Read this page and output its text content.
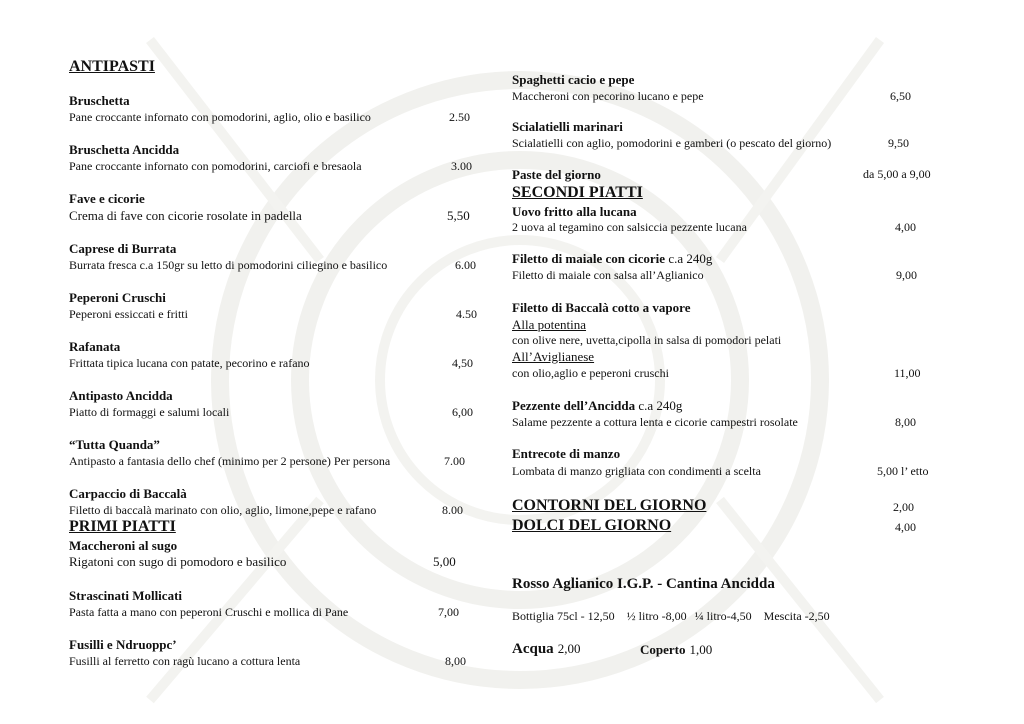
ANTIPASTI
Bruschetta
Pane croccante infornato con pomodorini, aglio, olio e basilico	2.50
Bruschetta Ancidda
Pane croccante infornato con pomodorini, carciofi e bresaola	3.00
Fave e cicorie
Crema di fave con cicorie rosolate in padella	5,50
Caprese di Burrata
Burrata fresca c.a 150gr su letto di pomodorini ciliegino e basilico	6.00
Peperoni Cruschi
Peperoni essiccati e fritti	4.50
Rafanata
Frittata tipica lucana con patate, pecorino e rafano	4,50
Antipasto Ancidda
Piatto di formaggi e salumi locali	6,00
“Tutta Quanda”
Antipasto a fantasia dello chef (minimo per 2 persone) Per persona	7.00
Carpaccio di Baccalà
Filetto di baccalà marinato con olio, aglio, limone,pepe e rafano	8.00
PRIMI PIATTI
Maccheroni al sugo
Rigatoni con sugo di pomodoro e basilico	5,00
Strascinati Mollicati
Pasta fatta a mano con peperoni Cruschi e mollica di Pane	7,00
Fusilli e Ndruoppc’
Fusilli al ferretto con ragù lucano a cottura lenta	8,00
Spaghetti cacio e pepe
Maccheroni con pecorino lucano e pepe	6,50
Scialatielli marinari
Scialatielli con aglio, pomodorini e gamberi (o pescato del giorno)	9,50
Paste del giorno	da 5,00 a 9,00
SECONDI PIATTI
Uovo fritto alla lucana
2 uova al tegamino con salsiccia pezzente lucana	4,00
Filetto di maiale con cicorie c.a 240g
Filetto di maiale con salsa all’Aglianico	9,00
Filetto di Baccalà cotto a vapore
Alla potentina
con olive nere, uvetta,cipolla in salsa di pomodori pelati
All’Aviglianese
con olio,aglio e peperoni cruschi	11,00
Pezzente dell’Ancidda c.a 240g
Salame pezzente a cottura lenta e cicorie campestri rosolate	8,00
Entrecote di manzo
Lombata di manzo grigliata con condimenti a scelta	5,00 l’ etto
CONTORNI DEL GIORNO	2,00
DOLCI DEL GIORNO	4,00
Rosso Aglianico I.G.P. - Cantina Ancidda
Bottiglia 75cl - 12,50 ½ litro -8,00 ¼ litro-4,50 Mescita -2,50
Acqua 2,00	Coperto 1,00
